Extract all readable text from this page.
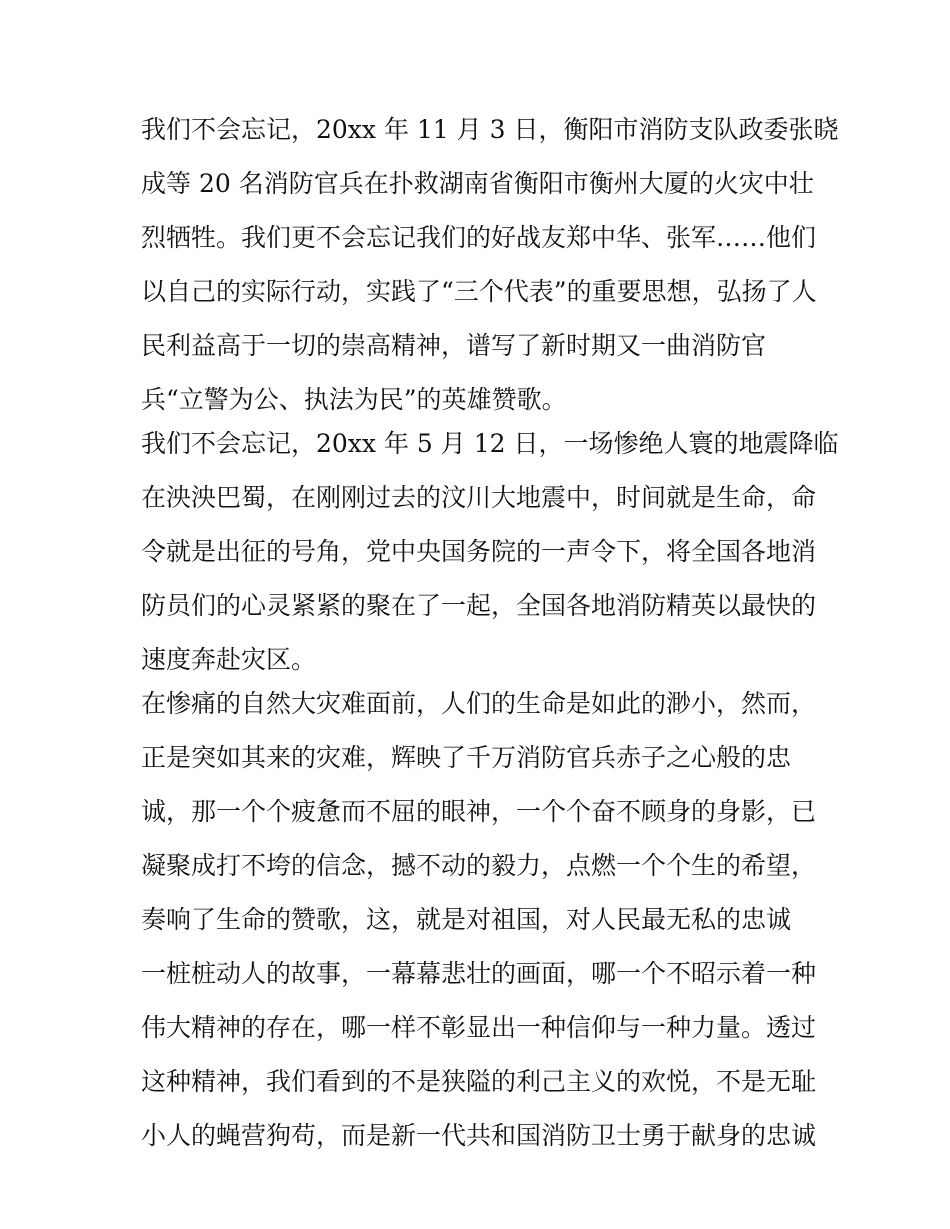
我们不会忘记，20xx 年 11 月 3 日，衡阳市消防支队政委张晓
成等 20 名消防官兵在扑救湖南省衡阳市衡州大厦的火灾中壮
烈牺牲。我们更不会忘记我们的好战友郑中华、张军……他们
以自己的实际行动，实践了“三个代表”的重要思想，弘扬了人
民利益高于一切的崇高精神，谱写了新时期又一曲消防官
兵“立警为公、执法为民”的英雄赞歌。
我们不会忘记，20xx 年 5 月 12 日，一场惨绝人寰的地震降临
在泱泱巴蜀，在刚刚过去的汶川大地震中，时间就是生命，命
令就是出征的号角，党中央国务院的一声令下，将全国各地消
防员们的心灵紧紧的聚在了一起，全国各地消防精英以最快的
速度奔赴灾区。
在惨痛的自然大灾难面前，人们的生命是如此的渺小，然而，
正是突如其来的灾难，辉映了千万消防官兵赤子之心般的忠
诚，那一个个疲惫而不屈的眼神，一个个奋不顾身的身影，已
凝聚成打不垮的信念，撼不动的毅力，点燃一个个生的希望，
奏响了生命的赞歌，这，就是对祖国，对人民最无私的忠诚
一桩桩动人的故事，一幕幕悲壮的画面，哪一个不昭示着一种
伟大精神的存在，哪一样不彰显出一种信仰与一种力量。透过
这种精神，我们看到的不是狭隘的利己主义的欢悦，不是无耻
小人的蝇营狗苟，而是新一代共和国消防卫士勇于献身的忠诚
